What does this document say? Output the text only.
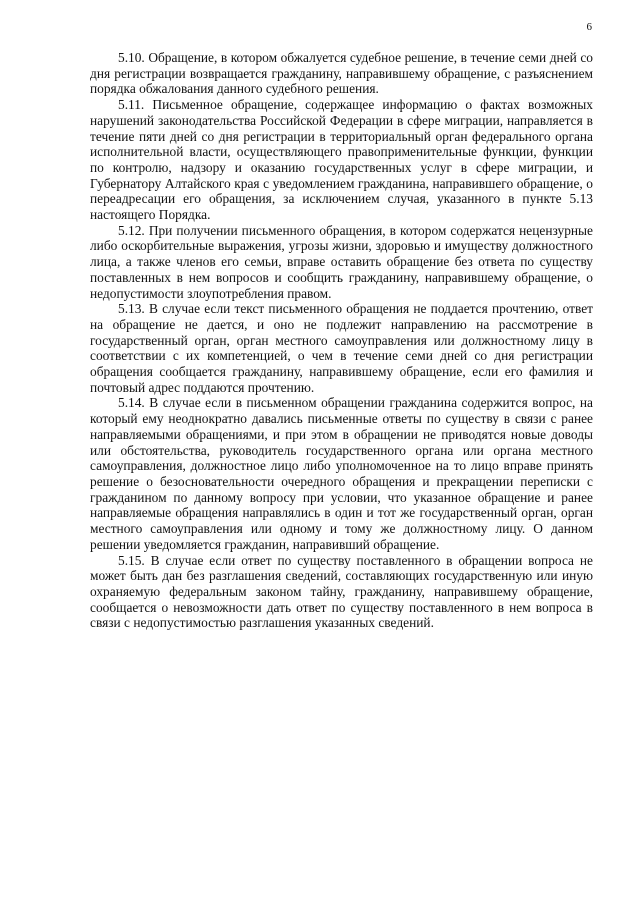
6

5.10. Обращение, в котором обжалуется судебное решение, в течение семи дней со дня регистрации возвращается гражданину, направившему обращение, с разъяснением порядка обжалования данного судебного решения.

5.11. Письменное обращение, содержащее информацию о фактах возможных нарушений законодательства Российской Федерации в сфере миграции, направляется в течение пяти дней со дня регистрации в территориальный орган федерального органа исполнительной власти, осуществляющего правоприменительные функции, функции по контролю, надзору и оказанию государственных услуг в сфере миграции, и Губернатору Алтайского края с уведомлением гражданина, направившего обращение, о переадресации его обращения, за исключением случая, указанного в пункте 5.13 настоящего Порядка.

5.12. При получении письменного обращения, в котором содержатся нецензурные либо оскорбительные выражения, угрозы жизни, здоровью и имуществу должностного лица, а также членов его семьи, вправе оставить обращение без ответа по существу поставленных в нем вопросов и сообщить гражданину, направившему обращение, о недопустимости злоупотребления правом.

5.13. В случае если текст письменного обращения не поддается прочтению, ответ на обращение не дается, и оно не подлежит направлению на рассмотрение в государственный орган, орган местного самоуправления или должностному лицу в соответствии с их компетенцией, о чем в течение семи дней со дня регистрации обращения сообщается гражданину, направившему обращение, если его фамилия и почтовый адрес поддаются прочтению.

5.14. В случае если в письменном обращении гражданина содержится вопрос, на который ему неоднократно давались письменные ответы по существу в связи с ранее направляемыми обращениями, и при этом в обращении не приводятся новые доводы или обстоятельства, руководитель государственного органа или органа местного самоуправления, должностное лицо либо уполномоченное на то лицо вправе принять решение о безосновательности очередного обращения и прекращении переписки с гражданином по данному вопросу при условии, что указанное обращение и ранее направляемые обращения направлялись в один и тот же государственный орган, орган местного самоуправления или одному и тому же должностному лицу. О данном решении уведомляется гражданин, направивший обращение.

5.15. В случае если ответ по существу поставленного в обращении вопроса не может быть дан без разглашения сведений, составляющих государственную или иную охраняемую федеральным законом тайну, гражданину, направившему обращение, сообщается о невозможности дать ответ по существу поставленного в нем вопроса в связи с недопустимостью разглашения указанных сведений.
